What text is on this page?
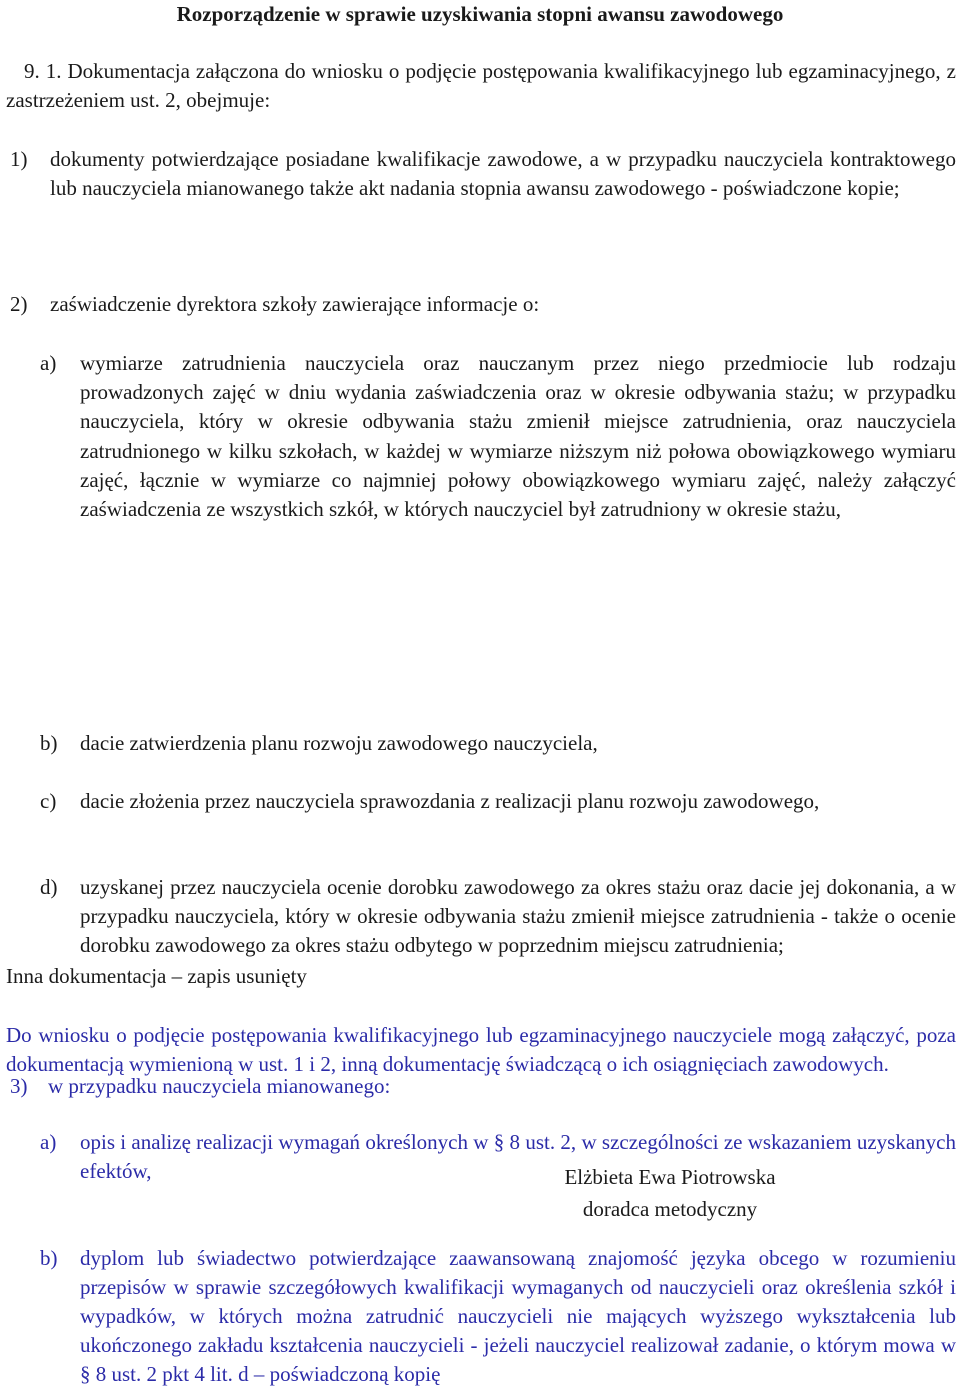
Rozporządzenie w sprawie uzyskiwania stopni awansu zawodowego
9. 1. Dokumentacja załączona do wniosku o podjęcie postępowania kwalifikacyjnego lub egzaminacyjnego, z zastrzeżeniem ust. 2, obejmuje:
1) dokumenty potwierdzające posiadane kwalifikacje zawodowe, a w przypadku nauczyciela kontraktowego lub nauczyciela mianowanego także akt nadania stopnia awansu zawodowego - poświadczone kopie;
2) zaświadczenie dyrektora szkoły zawierające informacje o:
a) wymiarze zatrudnienia nauczyciela oraz nauczanym przez niego przedmiocie lub rodzaju prowadzonych zajęć w dniu wydania zaświadczenia oraz w okresie odbywania stażu; w przypadku nauczyciela, który w okresie odbywania stażu zmienił miejsce zatrudnienia, oraz nauczyciela zatrudnionego w kilku szkołach, w każdej w wymiarze niższym niż połowa obowiązkowego wymiaru zajęć, łącznie w wymiarze co najmniej połowy obowiązkowego wymiaru zajęć, należy załączyć zaświadczenia ze wszystkich szkół, w których nauczyciel był zatrudniony w okresie stażu,
b) dacie zatwierdzenia planu rozwoju zawodowego nauczyciela,
c) dacie złożenia przez nauczyciela sprawozdania z realizacji planu rozwoju zawodowego,
d) uzyskanej przez nauczyciela ocenie dorobku zawodowego za okres stażu oraz dacie jej dokonania, a w przypadku nauczyciela, który w okresie odbywania stażu zmienił miejsce zatrudnienia - także o ocenie dorobku zawodowego za okres stażu odbytego w poprzednim miejscu zatrudnienia;
3) w przypadku nauczyciela mianowanego:
a) opis i analizę realizacji wymagań określonych w § 8 ust. 2, w szczególności ze wskazaniem uzyskanych efektów,
b) dyplom lub świadectwo potwierdzające zaawansowaną znajomość języka obcego w rozumieniu przepisów w sprawie szczegółowych kwalifikacji wymaganych od nauczycieli oraz określenia szkół i wypadków, w których można zatrudnić nauczycieli nie mających wyższego wykształcenia lub ukończonego zakładu kształcenia nauczycieli - jeżeli nauczyciel realizował zadanie, o którym mowa w § 8 ust. 2 pkt 4 lit. d – poświadczoną kopię
Inna dokumentacja – zapis usunięty
Do wniosku o podjęcie postępowania kwalifikacyjnego lub egzaminacyjnego nauczyciele mogą załączyć, poza dokumentacją wymienioną w ust. 1 i 2, inną dokumentację świadczącą o ich osiągnięciach zawodowych.
Elżbieta Ewa Piotrowska
doradca metodyczny
